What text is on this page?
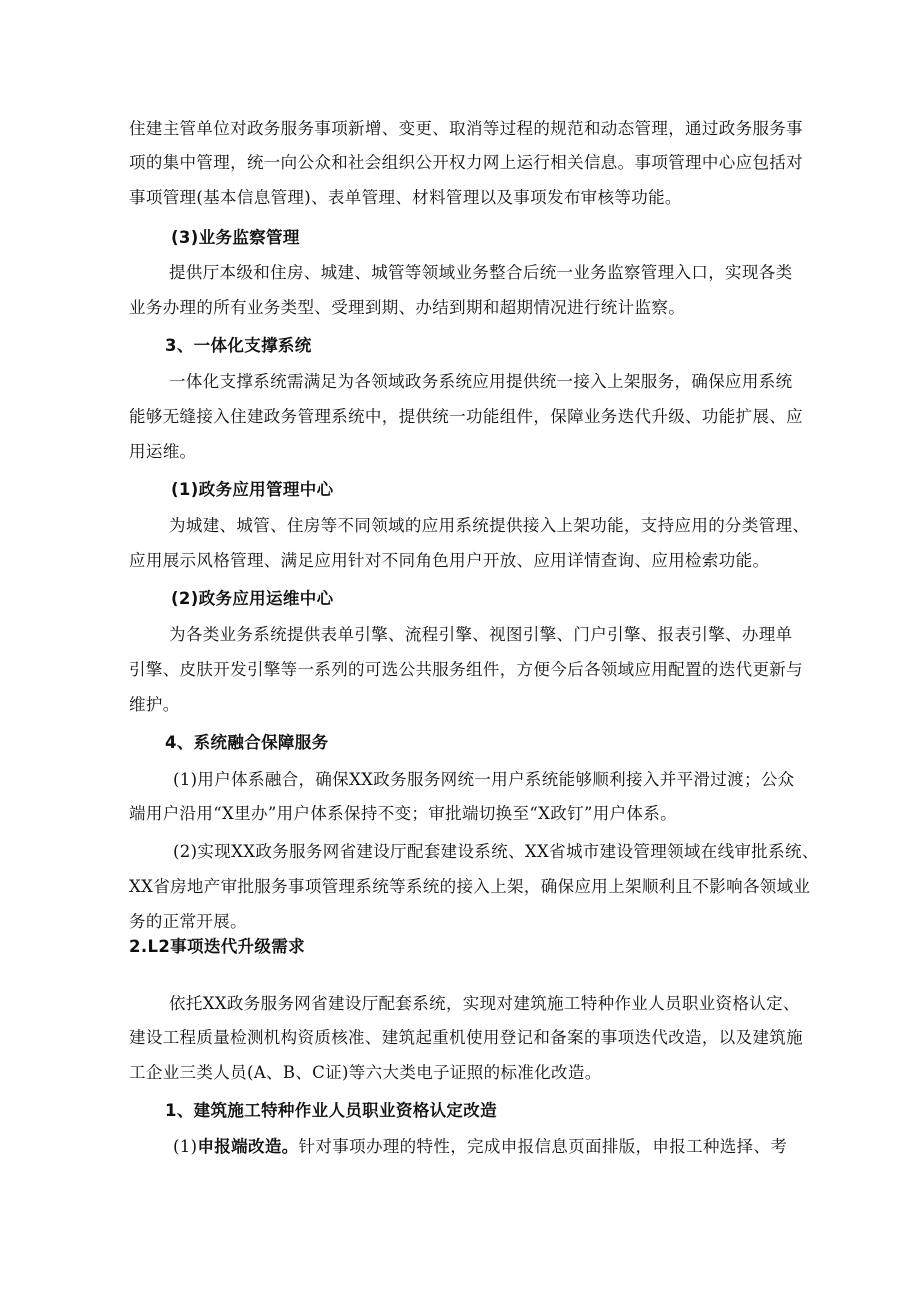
住建主管单位对政务服务事项新增、变更、取消等过程的规范和动态管理，通过政务服务事
项的集中管理，统一向公众和社会组织公开权力网上运行相关信息。事项管理中心应包括对
事项管理(基本信息管理)、表单管理、材料管理以及事项发布审核等功能。
(3)业务监察管理
提供厅本级和住房、城建、城管等领域业务整合后统一业务监察管理入口，实现各类
业务办理的所有业务类型、受理到期、办结到期和超期情况进行统计监察。
3、一体化支撑系统
一体化支撑系统需满足为各领域政务系统应用提供统一接入上架服务，确保应用系统
能够无缝接入住建政务管理系统中，提供统一功能组件，保障业务迭代升级、功能扩展、应
用运维。
(1)政务应用管理中心
为城建、城管、住房等不同领域的应用系统提供接入上架功能，支持应用的分类管理、
应用展示风格管理、满足应用针对不同角色用户开放、应用详情查询、应用检索功能。
(2)政务应用运维中心
为各类业务系统提供表单引擎、流程引擎、视图引擎、门户引擎、报表引擎、办理单
引擎、皮肤开发引擎等一系列的可选公共服务组件，方便今后各领域应用配置的迭代更新与
维护。
4、系统融合保障服务
(1)用户体系融合，确保XX政务服务网统一用户系统能够顺利接入并平滑过渡；公众
端用户沿用“X里办”用户体系保持不变；审批端切换至“X政钉”用户体系。
(2)实现XX政务服务网省建设厅配套建设系统、XX省城市建设管理领域在线审批系统、
XX省房地产审批服务事项管理系统等系统的接入上架，确保应用上架顺利且不影响各领域业
务的正常开展。
2.L2事项迭代升级需求
依托XX政务服务网省建设厅配套系统，实现对建筑施工特种作业人员职业资格认定、
建设工程质量检测机构资质核准、建筑起重机使用登记和备案的事项迭代改造，以及建筑施
工企业三类人员(A、B、C证)等六大类电子证照的标准化改造。
1、建筑施工特种作业人员职业资格认定改造
(1)申报端改造。针对事项办理的特性，完成申报信息页面排版，申报工种选择、考
